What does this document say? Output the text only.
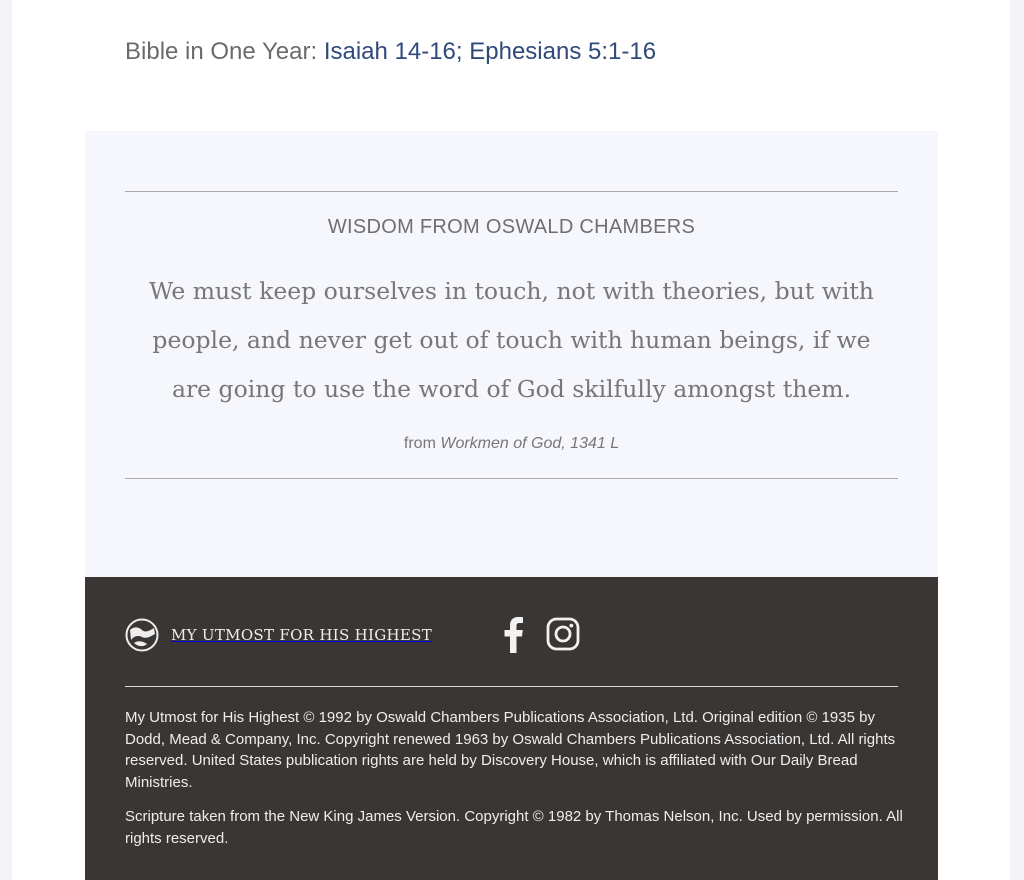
Bible in One Year: Isaiah 14-16; Ephesians 5:1-16
WISDOM FROM OSWALD CHAMBERS
We must keep ourselves in touch, not with theories, but with people, and never get out of touch with human beings, if we are going to use the word of God skilfully amongst them.
from Workmen of God, 1341 L
MY UTMOST FOR HIS HIGHEST

My Utmost for His Highest © 1992 by Oswald Chambers Publications Association, Ltd. Original edition © 1935 by Dodd, Mead & Company, Inc. Copyright renewed 1963 by Oswald Chambers Publications Association, Ltd. All rights reserved. United States publication rights are held by Discovery House, which is affiliated with Our Daily Bread Ministries.

Scripture taken from the New King James Version. Copyright © 1982 by Thomas Nelson, Inc. Used by permission. All rights reserved.
